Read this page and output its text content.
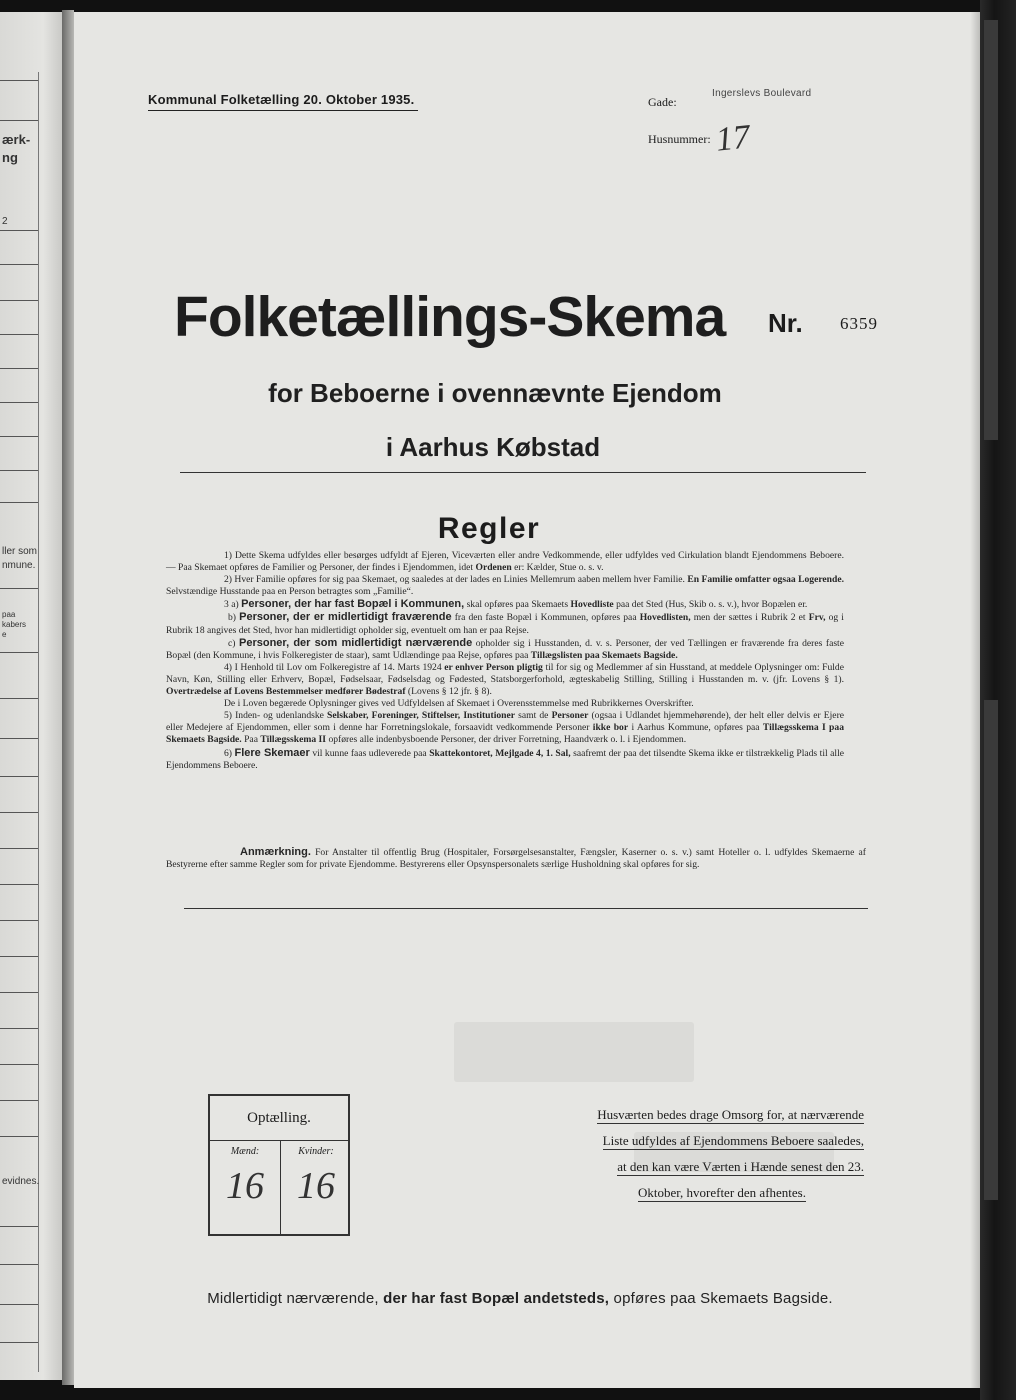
ærk-
ng
2
ller som
nmune.
paa
kabers
e
evidnes.
Kommunal Folketælling 20. Oktober 1935.	Gade:
Ingerslevs Boulevard
Husnummer: 17
Folketællings-Skema Nr. 6359
for Beboerne i ovennævnte Ejendom
i Aarhus Købstad
Regler

1) Dette Skema udfyldes eller besørges udfyldt af Ejeren, Viceværten eller andre Vedkommende, eller udfyldes ved Cirkulation blandt Ejendommens Beboere. — Paa Skemaet opføres de Familier og Personer, der findes i Ejendommen, idet Ordenen er: Kælder, Stue o. s. v.

2) Hver Familie opføres for sig paa Skemaet, og saaledes at der lades en Linies Mellemrum aaben mellem hver Familie. En Familie omfatter ogsaa Logerende. Selvstændige Husstande paa en Person betragtes som „Familie“.

3 a) Personer, der har fast Bopæl i Kommunen, skal opføres paa Skemaets Hovedliste paa det Sted (Hus, Skib o. s. v.), hvor Bopælen er.

b) Personer, der er midlertidigt fraværende fra den faste Bopæl i Kommunen, opføres paa Hovedlisten, men der sættes i Rubrik 2 et Frv, og i Rubrik 18 angives det Sted, hvor han midlertidigt opholder sig, eventuelt om han er paa Rejse.

c) Personer, der som midlertidigt nærværende opholder sig i Husstanden, d. v. s. Personer, der ved Tællingen er fraværende fra deres faste Bopæl (den Kommune, i hvis Folkeregister de staar), samt Udlændinge paa Rejse, opføres paa Tillægslisten paa Skemaets Bagside.

4) I Henhold til Lov om Folkeregistre af 14. Marts 1924 er enhver Person pligtig til for sig og Medlemmer af sin Husstand, at meddele Oplysninger om: Fulde Navn, Køn, Stilling eller Erhverv, Bopæl, Fødselsaar, Fødselsdag og Fødested, Statsborgerforhold, ægteskabelig Stilling, Stilling i Husstanden m. v. (jfr. Lovens § 1). Overtrædelse af Lovens Bestemmelser medfører Bødestraf (Lovens § 12 jfr. § 8).

De i Loven begærede Oplysninger gives ved Udfyldelsen af Skemaet i Overensstemmelse med Rubrikkernes Overskrifter.

5) Inden- og udenlandske Selskaber, Foreninger, Stiftelser, Institutioner samt de Personer (ogsaa i Udlandet hjemmehørende), der helt eller delvis er Ejere eller Medejere af Ejendommen, eller som i denne har Forretningslokale, forsaavidt vedkommende Personer ikke bor i Aarhus Kommune, opføres paa Tillægsskema I paa Skemaets Bagside. Paa Tillægsskema II opføres alle indenbysboende Personer, der driver Forretning, Haandværk o. l. i Ejendommen.

6) Flere Skemaer vil kunne faas udleverede paa Skattekontoret, Mejlgade 4, 1. Sal, saafremt der paa det tilsendte Skema ikke er tilstrækkelig Plads til alle Ejendommens Beboere.

Anmærkning. For Anstalter til offentlig Brug (Hospitaler, Forsørgelsesanstalter, Fængsler, Kaserner o. s. v.) samt Hoteller o. l. udfyldes Skemaerne af Bestyrerne efter samme Regler som for private Ejendomme. Bestyrerens eller Opsynspersonalets særlige Husholdning skal opføres for sig.

Optælling.
Mænd:	Kvinder:
16 16
Husværten bedes drage Omsorg for, at nærværende
Liste udfyldes af Ejendommens Beboere saaledes,
at den kan være Værten i Hænde senest den 23.
Oktober, hvorefter den afhentes.
Midlertidigt nærværende, der har fast Bopæl andetsteds, opføres paa Skemaets Bagside.
